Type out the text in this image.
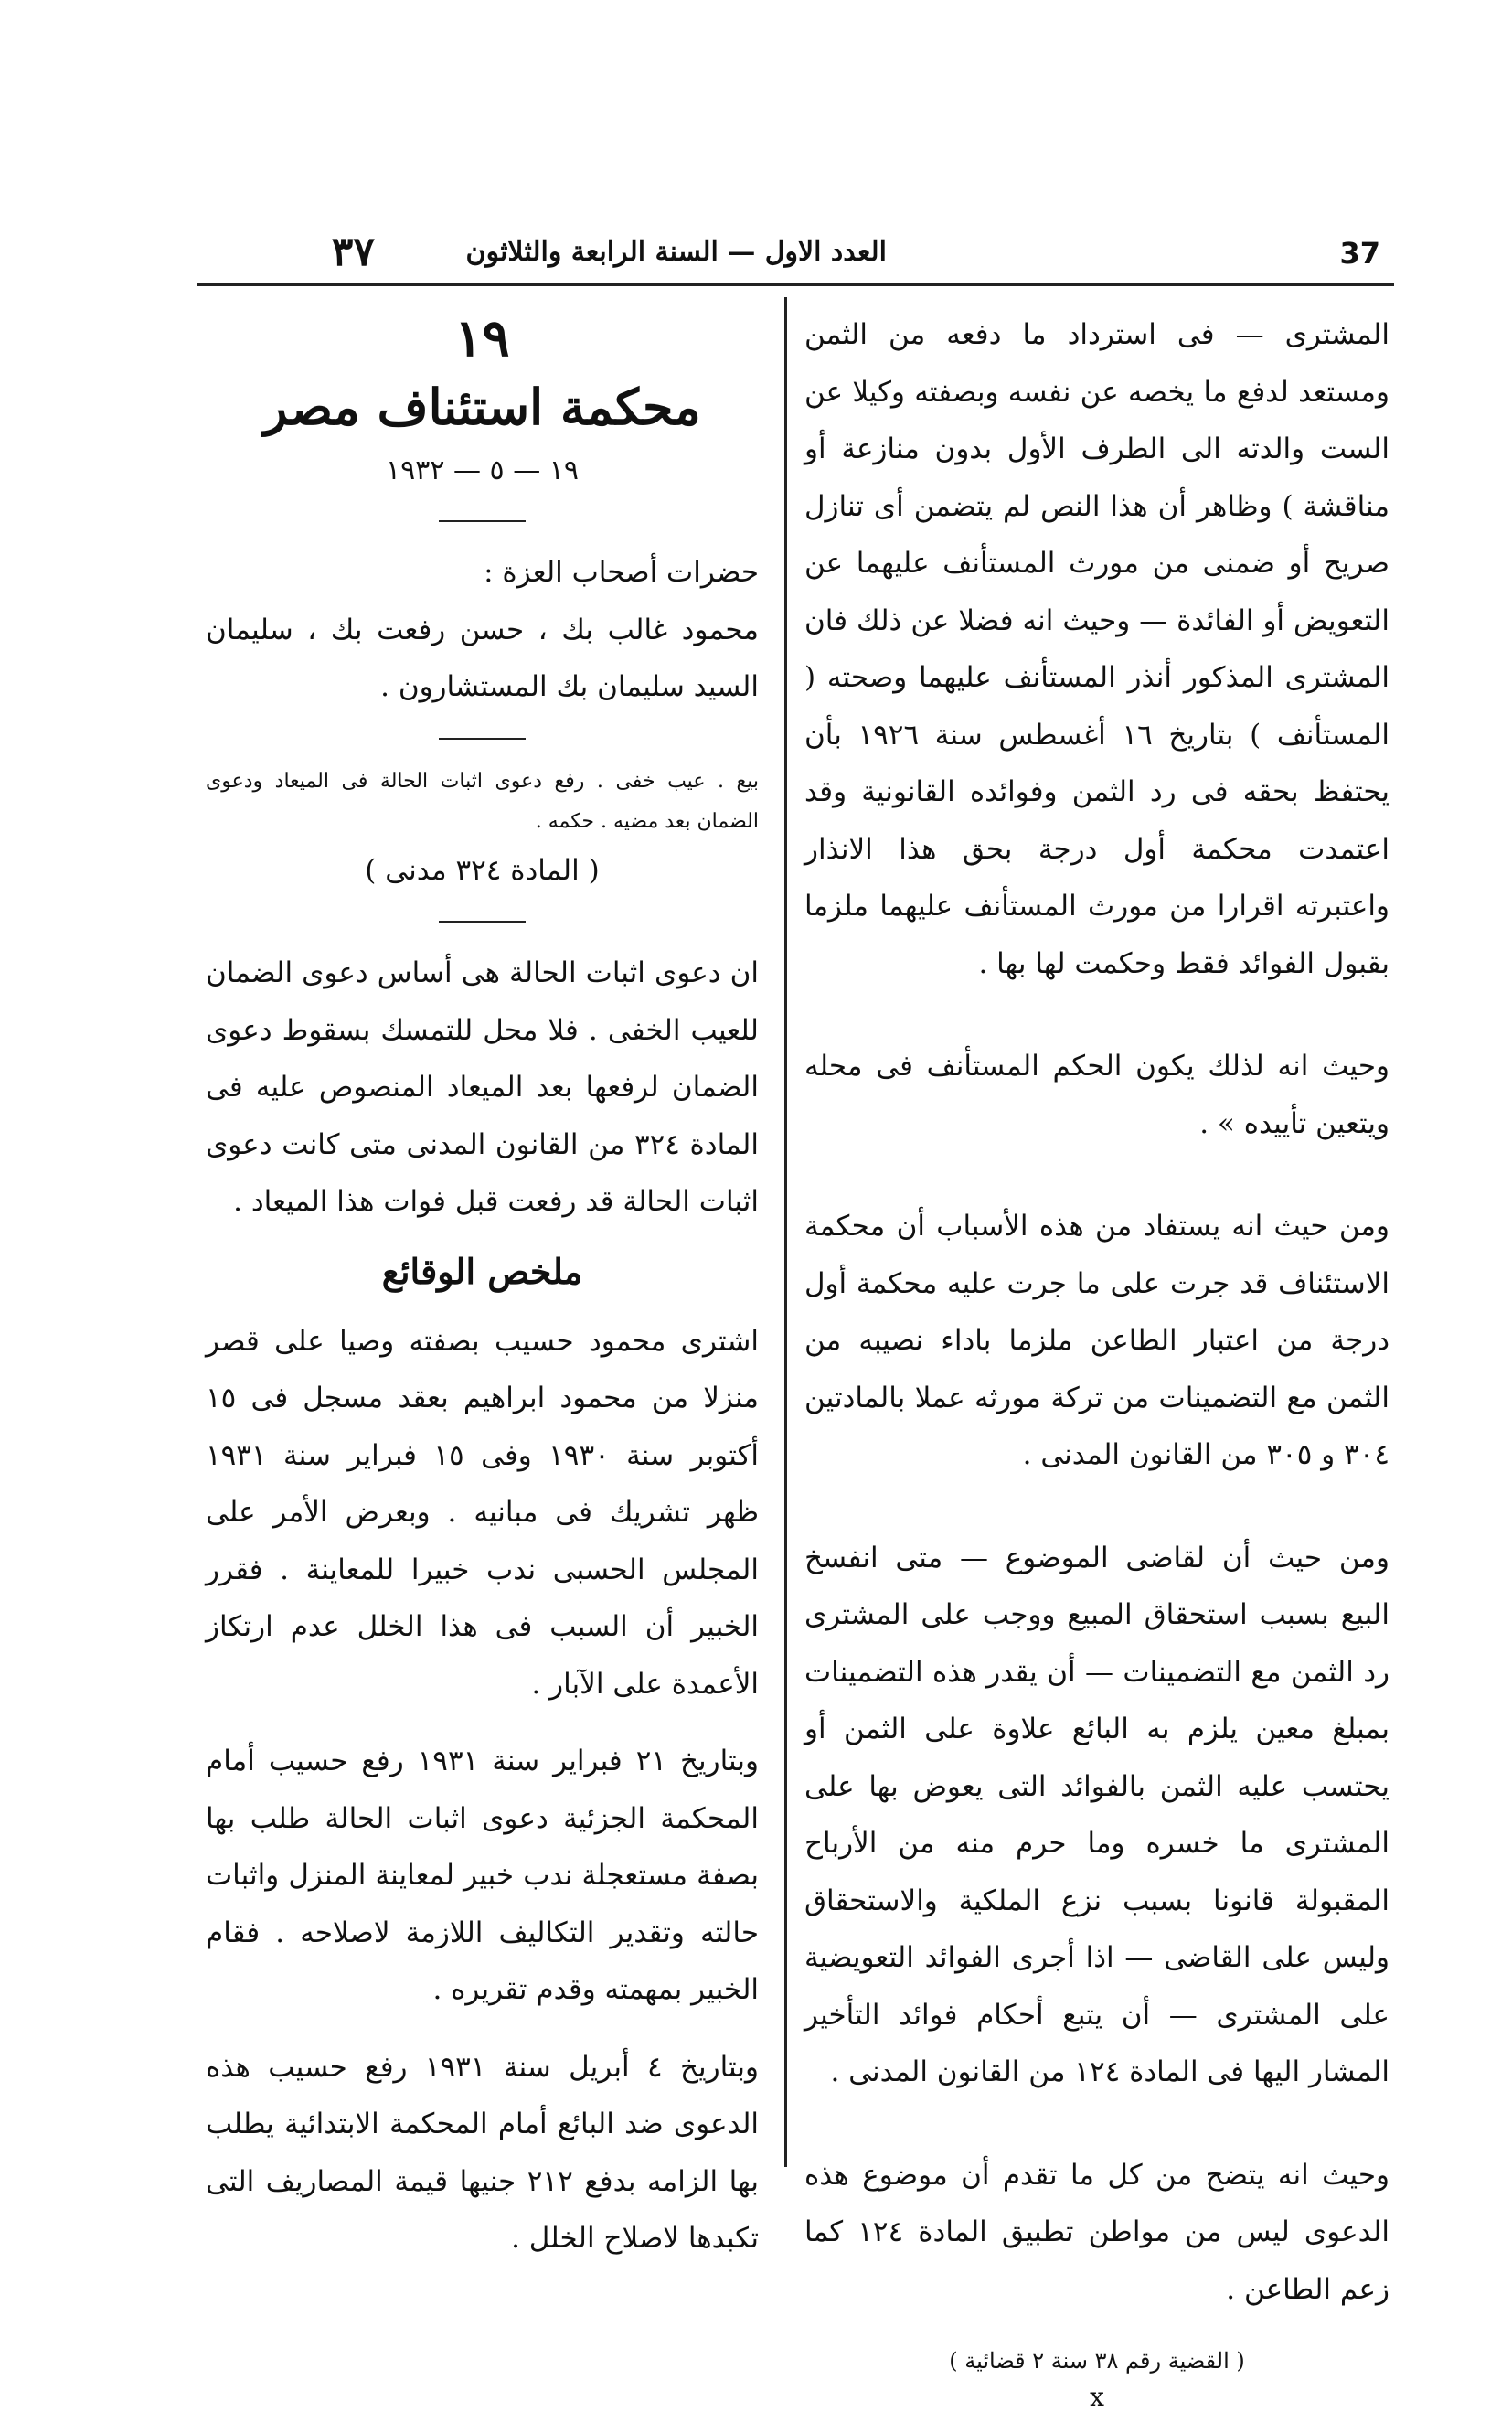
٣٧	العدد الاول — السنة الرابعة والثلاثون	37

المشترى — فى استرداد ما دفعه من الثمن ومستعد لدفع ما يخصه عن نفسه وبصفته وكيلا عن الست والدته الى الطرف الأول بدون منازعة أو مناقشة ) وظاهر أن هذا النص لم يتضمن أى تنازل صريح أو ضمنى من مورث المستأنف عليهما عن التعويض أو الفائدة — وحيث انه فضلا عن ذلك فان المشترى المذكور أنذر المستأنف عليهما وصحته ( المستأنف ) بتاريخ ١٦ أغسطس سنة ١٩٢٦ بأن يحتفظ بحقه فى رد الثمن وفوائده القانونية وقد اعتمدت محكمة أول درجة بحق هذا الانذار واعتبرته اقرارا من مورث المستأنف عليهما ملزما بقبول الفوائد فقط وحكمت لها بها .

وحيث انه لذلك يكون الحكم المستأنف فى محله ويتعين تأييده » .

ومن حيث انه يستفاد من هذه الأسباب أن محكمة الاستئناف قد جرت على ما جرت عليه محكمة أول درجة من اعتبار الطاعن ملزما باداء نصيبه من الثمن مع التضمينات من تركة مورثه عملا بالمادتين ٣٠٤ و ٣٠٥ من القانون المدنى .

ومن حيث أن لقاضى الموضوع — متى انفسخ البيع بسبب استحقاق المبيع ووجب على المشترى رد الثمن مع التضمينات — أن يقدر هذه التضمينات بمبلغ معين يلزم به البائع علاوة على الثمن أو يحتسب عليه الثمن بالفوائد التى يعوض بها على المشترى ما خسره وما حرم منه من الأرباح المقبولة قانونا بسبب نزع الملكية والاستحقاق وليس على القاضى — اذا أجرى الفوائد التعويضية على المشترى — أن يتبع أحكام فوائد التأخير المشار اليها فى المادة ١٢٤ من القانون المدنى .

وحيث انه يتضح من كل ما تقدم أن موضوع هذه الدعوى ليس من مواطن تطبيق المادة ١٢٤ كما زعم الطاعن .

( القضية رقم ٣٨ سنة ٢ قضائية )

x

١٩

محكمة استئناف مصر

١٩ — ٥ — ١٩٣٢

حضرات أصحاب العزة :

محمود غالب بك ، حسن رفعت بك ، سليمان السيد سليمان بك المستشارون .

بيع . عيب خفى . رفع دعوى اثبات الحالة فى الميعاد ودعوى الضمان بعد مضيه . حكمه .

( المادة ٣٢٤ مدنى )

ان دعوى اثبات الحالة هى أساس دعوى الضمان للعيب الخفى . فلا محل للتمسك بسقوط دعوى الضمان لرفعها بعد الميعاد المنصوص عليه فى المادة ٣٢٤ من القانون المدنى متى كانت دعوى اثبات الحالة قد رفعت قبل فوات هذا الميعاد .

ملخص الوقائع

اشترى محمود حسيب بصفته وصيا على قصر منزلا من محمود ابراهيم بعقد مسجل فى ١٥ أكتوبر سنة ١٩٣٠ وفى ١٥ فبراير سنة ١٩٣١ ظهر تشريك فى مبانيه . وبعرض الأمر على المجلس الحسبى ندب خبيرا للمعاينة . فقرر الخبير أن السبب فى هذا الخلل عدم ارتكاز الأعمدة على الآبار .

وبتاريخ ٢١ فبراير سنة ١٩٣١ رفع حسيب أمام المحكمة الجزئية دعوى اثبات الحالة طلب بها بصفة مستعجلة ندب خبير لمعاينة المنزل واثبات حالته وتقدير التكاليف اللازمة لاصلاحه . فقام الخبير بمهمته وقدم تقريره .

وبتاريخ ٤ أبريل سنة ١٩٣١ رفع حسيب هذه الدعوى ضد البائع أمام المحكمة الابتدائية يطلب بها الزامه بدفع ٢١٢ جنيها قيمة المصاريف التى تكبدها لاصلاح الخلل .
